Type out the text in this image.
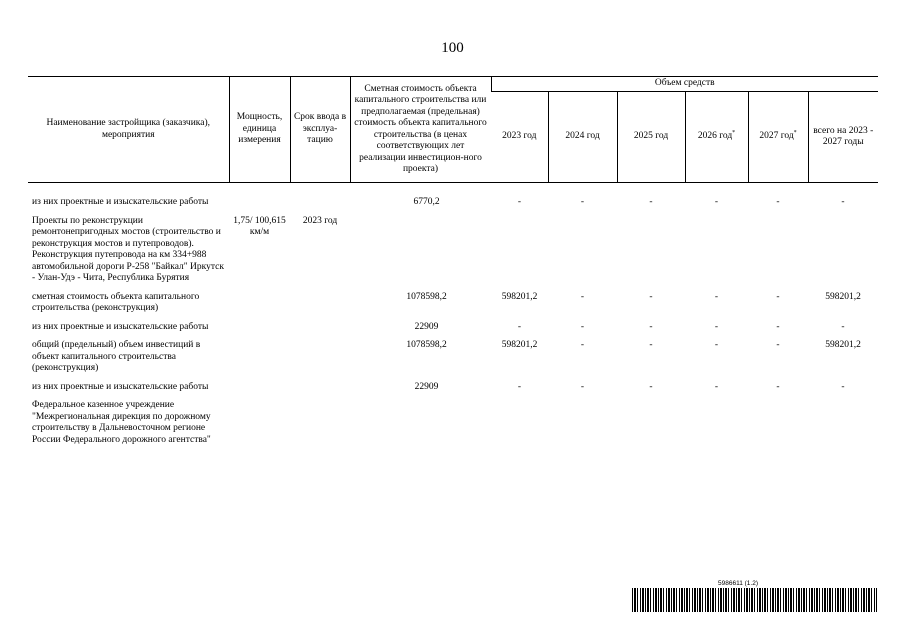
100
Наименование застройщика (заказчика), мероприятия	Мощность, единица измерения	Срок ввода в эксплуа-тацию	Сметная стоимость объекта капитального строительства или предполагаемая (предельная) стоимость объекта капитального строительства (в ценах соответствующих лет реализации инвестицион-ного проекта)	Объем средств					
				2023 год	2024 год	2025 год	2026 год*	2027 год*	всего на 2023 - 2027 годы

из них проектные и изыскательские работы			6770,2	-	-	-	-	-	-
Проекты по реконструкции ремонтонепригодных мостов (строительство и реконструкция мостов и путепроводов). Реконструкция путепровода на км 334+988 автомобильной дороги Р-258 "Байкал" Иркутск - Улан-Удэ - Чита, Республика Бурятия	1,75/ 100,615 км/м	2023 год							
сметная стоимость объекта капитального строительства (реконструкция)			1078598,2	598201,2	-	-	-	-	598201,2
из них проектные и изыскательские работы			22909	-	-	-	-	-	-
общий (предельный) объем инвестиций в объект капитального строительства (реконструкция)			1078598,2	598201,2	-	-	-	-	598201,2
из них проектные и изыскательские работы			22909	-	-	-	-	-	-
Федеральное казенное учреждение "Межрегиональная дирекция по дорожному строительству в Дальневосточном регионе России Федерального дорожного агентства"									
5986611 (1.2)
